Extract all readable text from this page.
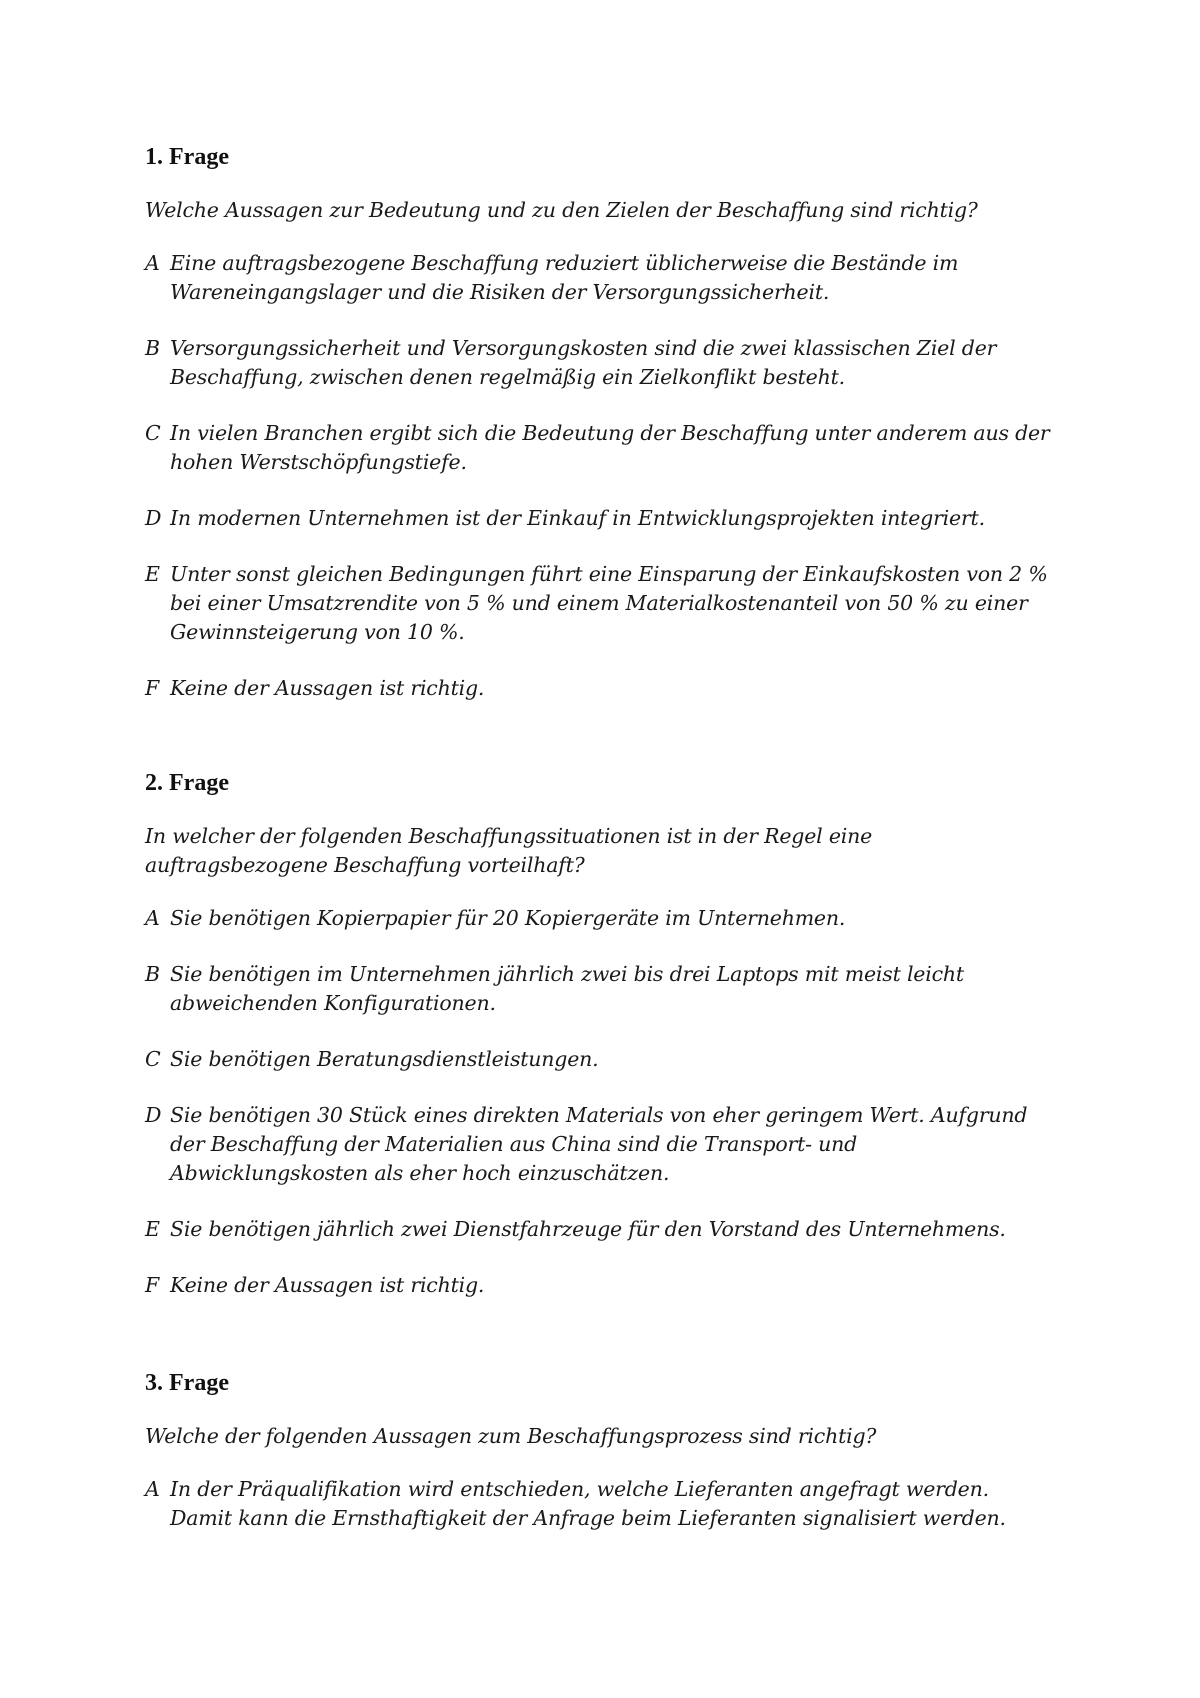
1. Frage

Welche Aussagen zur Bedeutung und zu den Zielen der Beschaffung sind richtig?

A Eine auftragsbezogene Beschaffung reduziert üblicherweise die Bestände im Wareneingangslager und die Risiken der Versorgungssicherheit.
B Versorgungssicherheit und Versorgungskosten sind die zwei klassischen Ziel der Beschaffung, zwischen denen regelmäßig ein Zielkonflikt besteht.
C In vielen Branchen ergibt sich die Bedeutung der Beschaffung unter anderem aus der hohen Werstschöpfungstiefe.
D In modernen Unternehmen ist der Einkauf in Entwicklungsprojekten integriert.
E Unter sonst gleichen Bedingungen führt eine Einsparung der Einkaufskosten von 2 % bei einer Umsatzrendite von 5 % und einem Materialkostenanteil von 50 % zu einer Gewinnsteigerung von 10 %.
F Keine der Aussagen ist richtig.
2. Frage

In welcher der folgenden Beschaffungssituationen ist in der Regel eine auftragsbezogene Beschaffung vorteilhaft?

A Sie benötigen Kopierpapier für 20 Kopiergeräte im Unternehmen.
B Sie benötigen im Unternehmen jährlich zwei bis drei Laptops mit meist leicht abweichenden Konfigurationen.
C Sie benötigen Beratungsdienstleistungen.
D Sie benötigen 30 Stück eines direkten Materials von eher geringem Wert. Aufgrund der Beschaffung der Materialien aus China sind die Transport- und Abwicklungskosten als eher hoch einzuschätzen.
E Sie benötigen jährlich zwei Dienstfahrzeuge für den Vorstand des Unternehmens.
F Keine der Aussagen ist richtig.
3. Frage

Welche der folgenden Aussagen zum Beschaffungsprozess sind richtig?

A In der Präqualifikation wird entschieden, welche Lieferanten angefragt werden. Damit kann die Ernsthaftigkeit der Anfrage beim Lieferanten signalisiert werden.
